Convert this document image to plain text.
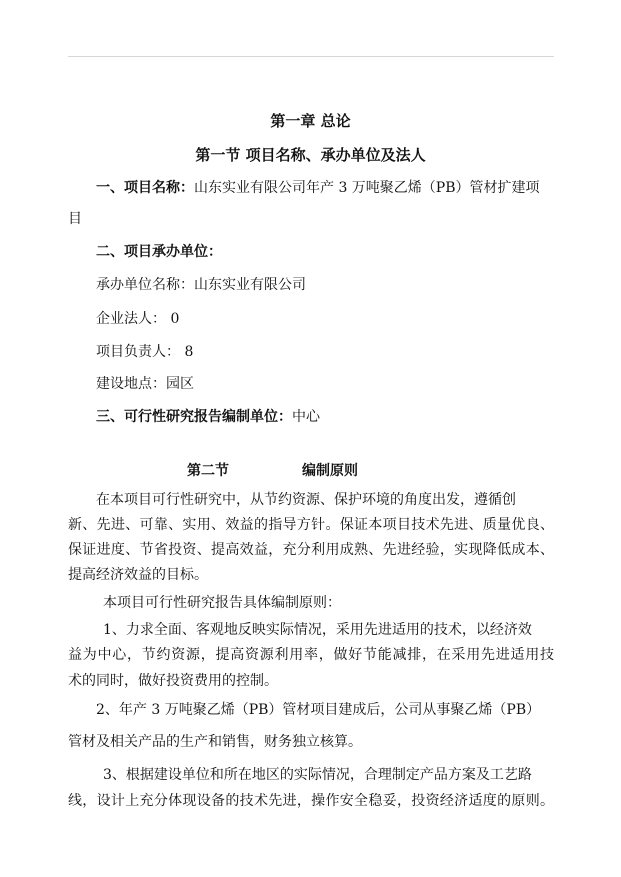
第一章 总论
第一节 项目名称、承办单位及法人
一、项目名称：山东实业有限公司年产 3 万吨聚乙烯（PB）管材扩建项
目
二、项目承办单位：
承办单位名称：山东实业有限公司
企业法人： 0
项目负责人： 8
建设地点：园区
三、可行性研究报告编制单位：中心
第二节	编制原则
在本项目可行性研究中，从节约资源、保护环境的角度出发，遵循创
新、先进、可靠、实用、效益的指导方针。保证本项目技术先进、质量优良、
保证进度、节省投资、提高效益，充分利用成熟、先进经验，实现降低成本、
提高经济效益的目标。
本项目可行性研究报告具体编制原则：
1、力求全面、客观地反映实际情况，采用先进适用的技术，以经济效
益为中心，节约资源，提高资源利用率，做好节能减排，在采用先进适用技
术的同时，做好投资费用的控制。
2、年产 3 万吨聚乙烯（PB）管材项目建成后，公司从事聚乙烯（PB）
管材及相关产品的生产和销售，财务独立核算。
3、根据建设单位和所在地区的实际情况，合理制定产品方案及工艺路
线，设计上充分体现设备的技术先进，操作安全稳妥，投资经济适度的原则。
